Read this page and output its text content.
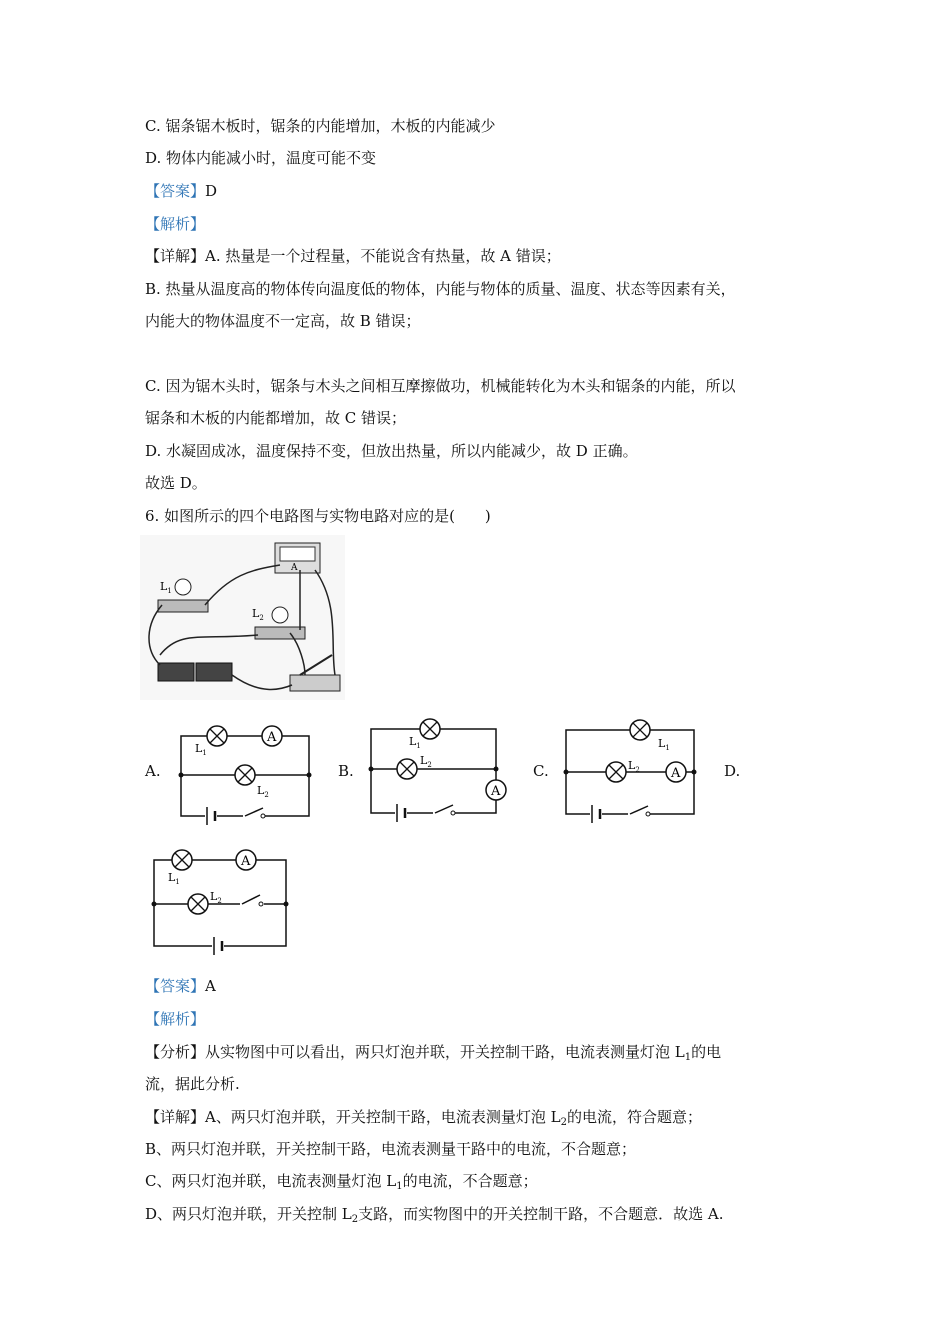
C. 锯条锯木板时，锯条的内能增加，木板的内能减少
D. 物体内能减小时，温度可能不变
【答案】D
【解析】
【详解】A. 热量是一个过程量，不能说含有热量，故 A 错误；
B. 热量从温度高的物体传向温度低的物体，内能与物体的质量、温度、状态等因素有关，
内能大的物体温度不一定高，故 B 错误；
C. 因为锯木头时，锯条与木头之间相互摩擦做功，机械能转化为木头和锯条的内能，所以
锯条和木板的内能都增加，故 C 错误；
D. 水凝固成冰，温度保持不变，但放出热量，所以内能减少，故 D 正确。
故选 D。
6. 如图所示的四个电路图与实物电路对应的是(　　)
A
$L_1$
$L_2$
A.	B.	C.	D.
A
$L_1$
$L_2$	A
$L_1$
$L_2$
A
$L_1$
$L_2$
A
$L_1$
$L_2$
【答案】A
【解析】
【分析】从实物图中可以看出，两只灯泡并联，开关控制干路，电流表测量灯泡 $L_1$的电
流，据此分析.
【详解】A、两只灯泡并联，开关控制干路，电流表测量灯泡 $L_2$的电流，符合题意；
B、两只灯泡并联，开关控制干路，电流表测量干路中的电流，不合题意；
C、两只灯泡并联，电流表测量灯泡 $L_1$的电流，不合题意；
D、两只灯泡并联，开关控制 $L_2$支路，而实物图中的开关控制干路，不合题意．故选 A.
